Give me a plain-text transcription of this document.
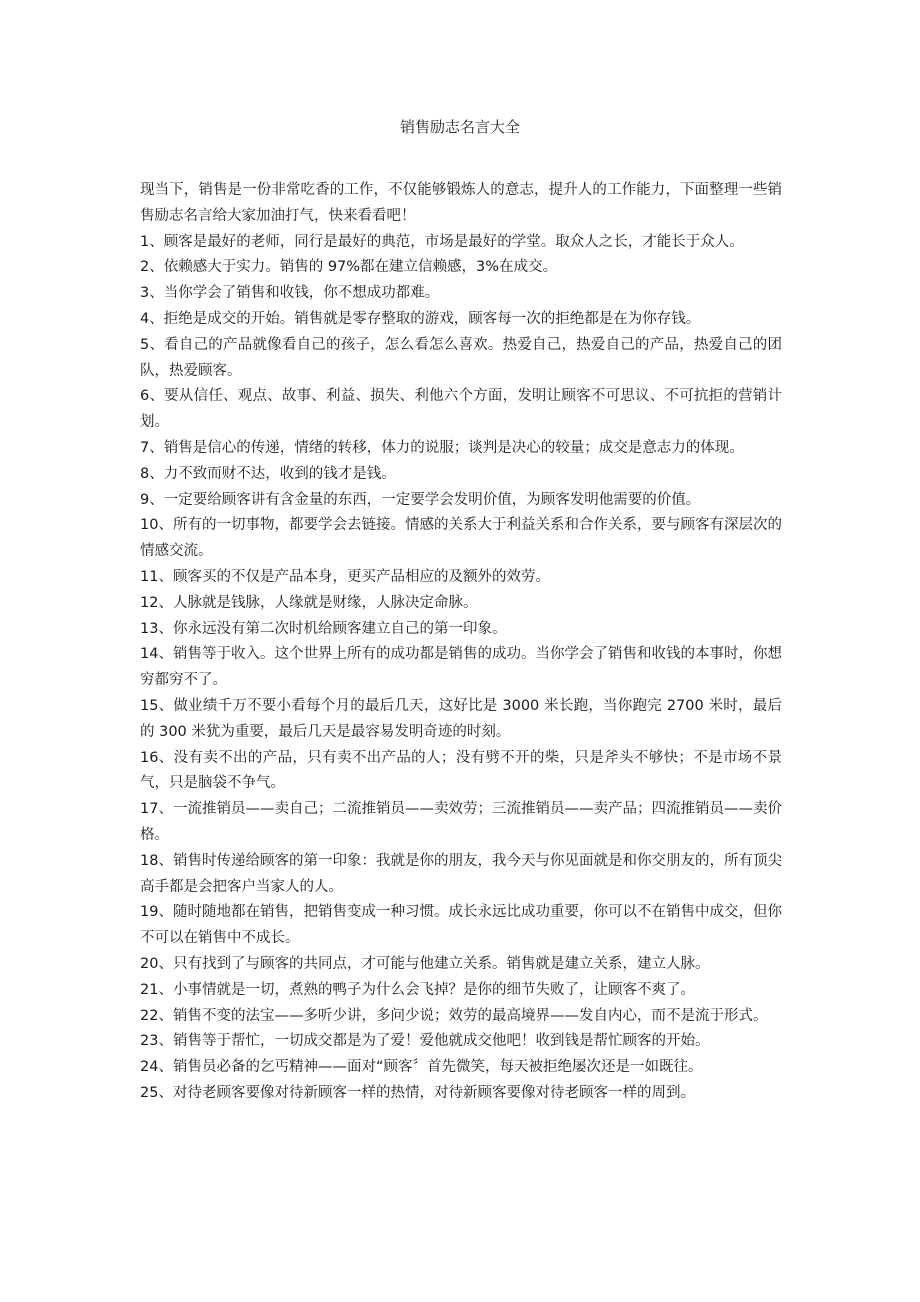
销售励志名言大全

现当下，销售是一份非常吃香的工作，不仅能够锻炼人的意志，提升人的工作能力，下面整理一些销售励志名言给大家加油打气，快来看看吧！

1、顾客是最好的老师，同行是最好的典范，市场是最好的学堂。取众人之长，才能长于众人。

2、依赖感大于实力。销售的 97%都在建立信赖感，3%在成交。

3、当你学会了销售和收钱，你不想成功都难。

4、拒绝是成交的开始。销售就是零存整取的游戏，顾客每一次的拒绝都是在为你存钱。

5、看自己的产品就像看自己的孩子，怎么看怎么喜欢。热爱自己，热爱自己的产品，热爱自己的团队，热爱顾客。

6、要从信任、观点、故事、利益、损失、利他六个方面，发明让顾客不可思议、不可抗拒的营销计划。

7、销售是信心的传递，情绪的转移，体力的说服；谈判是决心的较量；成交是意志力的体现。

8、力不致而财不达，收到的钱才是钱。

9、一定要给顾客讲有含金量的东西，一定要学会发明价值，为顾客发明他需要的价值。

10、所有的一切事物，都要学会去链接。情感的关系大于利益关系和合作关系，要与顾客有深层次的情感交流。

11、顾客买的不仅是产品本身，更买产品相应的及额外的效劳。

12、人脉就是钱脉，人缘就是财缘，人脉决定命脉。

13、你永远没有第二次时机给顾客建立自己的第一印象。

14、销售等于收入。这个世界上所有的成功都是销售的成功。当你学会了销售和收钱的本事时，你想穷都穷不了。

15、做业绩千万不要小看每个月的最后几天，这好比是 3000 米长跑，当你跑完 2700 米时，最后的 300 米犹为重要，最后几天是最容易发明奇迹的时刻。

16、没有卖不出的产品，只有卖不出产品的人；没有劈不开的柴，只是斧头不够快；不是市场不景气，只是脑袋不争气。

17、一流推销员——卖自己；二流推销员——卖效劳；三流推销员——卖产品；四流推销员——卖价格。

18、销售时传递给顾客的第一印象：我就是你的朋友，我今天与你见面就是和你交朋友的，所有顶尖高手都是会把客户当家人的人。

19、随时随地都在销售，把销售变成一种习惯。成长永远比成功重要，你可以不在销售中成交，但你不可以在销售中不成长。

20、只有找到了与顾客的共同点，才可能与他建立关系。销售就是建立关系，建立人脉。

21、小事情就是一切，煮熟的鸭子为什么会飞掉？是你的细节失败了，让顾客不爽了。

22、销售不变的法宝——多听少讲，多问少说；效劳的最高境界——发自内心，而不是流于形式。

23、销售等于帮忙，一切成交都是为了爱！爱他就成交他吧！收到钱是帮忙顾客的开始。

24、销售员必备的乞丐精神——面对“顾客〞首先微笑，每天被拒绝屡次还是一如既往。

25、对待老顾客要像对待新顾客一样的热情，对待新顾客要像对待老顾客一样的周到。
